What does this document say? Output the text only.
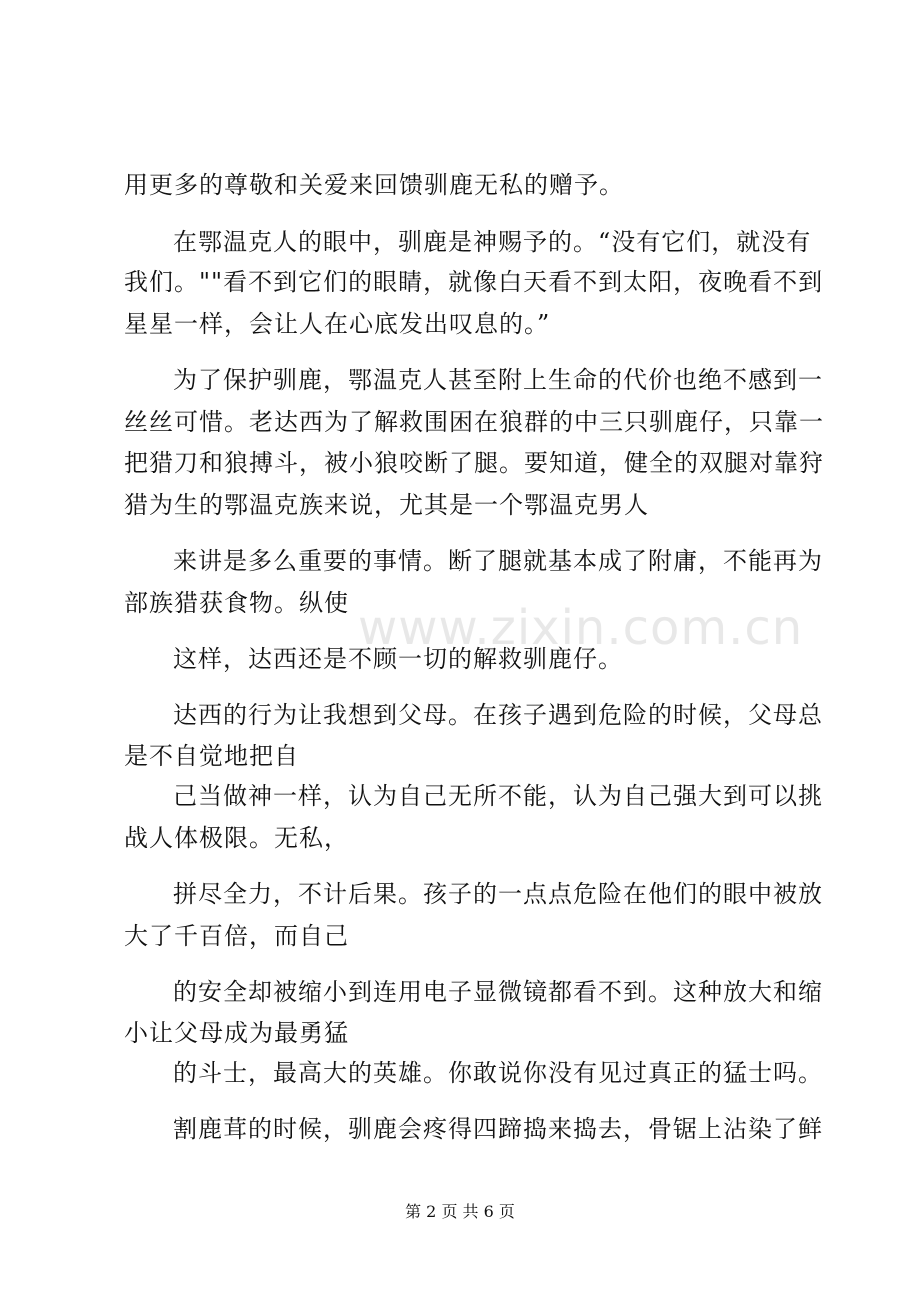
www.zixin.com.cn
用更多的尊敬和关爱来回馈驯鹿无私的赠予。
在鄂温克人的眼中，驯鹿是神赐予的。“没有它们，就没有
我们。""看不到它们的眼睛，就像白天看不到太阳，夜晚看不到
星星一样，会让人在心底发出叹息的。”
为了保护驯鹿，鄂温克人甚至附上生命的代价也绝不感到一
丝丝可惜。老达西为了解救围困在狼群的中三只驯鹿仔，只靠一
把猎刀和狼搏斗，被小狼咬断了腿。要知道，健全的双腿对靠狩
猎为生的鄂温克族来说，尤其是一个鄂温克男人
来讲是多么重要的事情。断了腿就基本成了附庸，不能再为
部族猎获食物。纵使
这样，达西还是不顾一切的解救驯鹿仔。
达西的行为让我想到父母。在孩子遇到危险的时候，父母总
是不自觉地把自
己当做神一样，认为自己无所不能，认为自己强大到可以挑
战人体极限。无私，
拼尽全力，不计后果。孩子的一点点危险在他们的眼中被放
大了千百倍，而自己
的安全却被缩小到连用电子显微镜都看不到。这种放大和缩
小让父母成为最勇猛
的斗士，最高大的英雄。你敢说你没有见过真正的猛士吗。
割鹿茸的时候，驯鹿会疼得四蹄捣来捣去，骨锯上沾染了鲜
第 2 页 共 6 页
